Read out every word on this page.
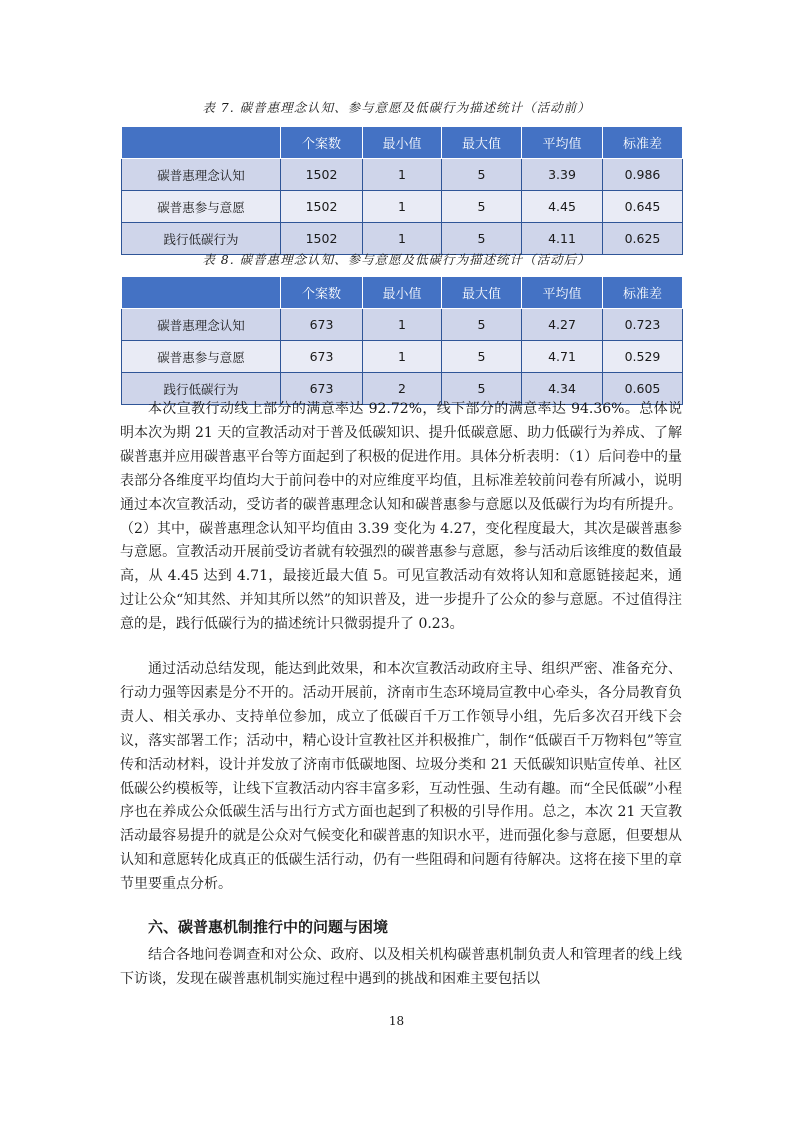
表 7. 碳普惠理念认知、参与意愿及低碳行为描述统计（活动前）
	个案数	最小值	最大值	平均值	标准差
碳普惠理念认知	1502	1	5	3.39	0.986
碳普惠参与意愿	1502	1	5	4.45	0.645
践行低碳行为	1502	1	5	4.11	0.625
表 8. 碳普惠理念认知、参与意愿及低碳行为描述统计（活动后）
	个案数	最小值	最大值	平均值	标准差
碳普惠理念认知	673	1	5	4.27	0.723
碳普惠参与意愿	673	1	5	4.71	0.529
践行低碳行为	673	2	5	4.34	0.605
本次宣教行动线上部分的满意率达 92.72%，线下部分的满意率达 94.36%。总体说明本次为期 21 天的宣教活动对于普及低碳知识、提升低碳意愿、助力低碳行为养成、了解碳普惠并应用碳普惠平台等方面起到了积极的促进作用。具体分析表明：（1）后问卷中的量表部分各维度平均值均大于前问卷中的对应维度平均值，且标准差较前问卷有所减小，说明通过本次宣教活动，受访者的碳普惠理念认知和碳普惠参与意愿以及低碳行为均有所提升。（2）其中，碳普惠理念认知平均值由 3.39 变化为 4.27，变化程度最大，其次是碳普惠参与意愿。宣教活动开展前受访者就有较强烈的碳普惠参与意愿，参与活动后该维度的数值最高，从 4.45 达到 4.71，最接近最大值 5。可见宣教活动有效将认知和意愿链接起来，通过让公众“知其然、并知其所以然”的知识普及，进一步提升了公众的参与意愿。不过值得注意的是，践行低碳行为的描述统计只微弱提升了 0.23。
通过活动总结发现，能达到此效果，和本次宣教活动政府主导、组织严密、准备充分、行动力强等因素是分不开的。活动开展前，济南市生态环境局宣教中心牵头，各分局教育负责人、相关承办、支持单位参加，成立了低碳百千万工作领导小组，先后多次召开线下会议，落实部署工作；活动中，精心设计宣教社区并积极推广，制作“低碳百千万物料包”等宣传和活动材料，设计并发放了济南市低碳地图、垃圾分类和 21 天低碳知识贴宣传单、社区低碳公约模板等，让线下宣教活动内容丰富多彩，互动性强、生动有趣。而“全民低碳”小程序也在养成公众低碳生活与出行方式方面也起到了积极的引导作用。总之，本次 21 天宣教活动最容易提升的就是公众对气候变化和碳普惠的知识水平，进而强化参与意愿，但要想从认知和意愿转化成真正的低碳生活行动，仍有一些阻碍和问题有待解决。这将在接下里的章节里要重点分析。
六、碳普惠机制推行中的问题与困境
结合各地问卷调查和对公众、政府、以及相关机构碳普惠机制负责人和管理者的线上线下访谈，发现在碳普惠机制实施过程中遇到的挑战和困难主要包括以
18
